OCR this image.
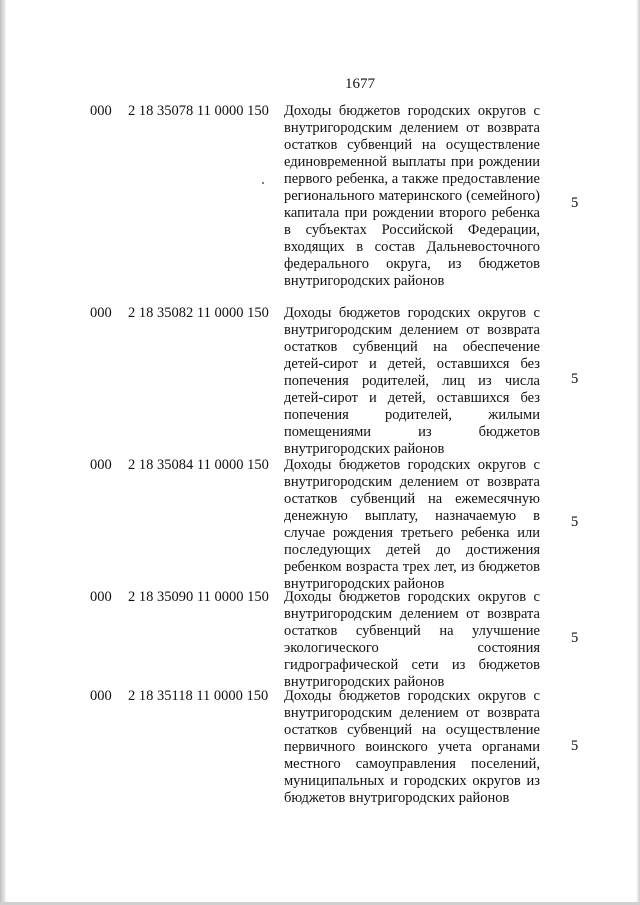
1677
000 2 18 35078 11 0000 150 Доходы бюджетов городских округов с внутригородским делением от возврата остатков субвенций на осуществление единовременной выплаты при рождении первого ребенка, а также предоставление регионального материнского (семейного) капитала при рождении второго ребенка в субъектах Российской Федерации, входящих в состав Дальневосточного федерального округа, из бюджетов внутригородских районов
5
000 2 18 35082 11 0000 150 Доходы бюджетов городских округов с внутригородским делением от возврата остатков субвенций на обеспечение детей-сирот и детей, оставшихся без попечения родителей, лиц из числа детей-сирот и детей, оставшихся без попечения родителей, жилыми помещениями из бюджетов внутригородских районов
5
000 2 18 35084 11 0000 150 Доходы бюджетов городских округов с внутригородским делением от возврата остатков субвенций на ежемесячную денежную выплату, назначаемую в случае рождения третьего ребенка или последующих детей до достижения ребенком возраста трех лет, из бюджетов внутригородских районов
5
000 2 18 35090 11 0000 150 Доходы бюджетов городских округов с внутригородским делением от возврата остатков субвенций на улучшение экологического состояния гидрографической сети из бюджетов внутригородских районов
5
000 2 18 35118 11 0000 150 Доходы бюджетов городских округов с внутригородским делением от возврата остатков субвенций на осуществление первичного воинского учета органами местного самоуправления поселений, муниципальных и городских округов из бюджетов внутригородских районов
5
